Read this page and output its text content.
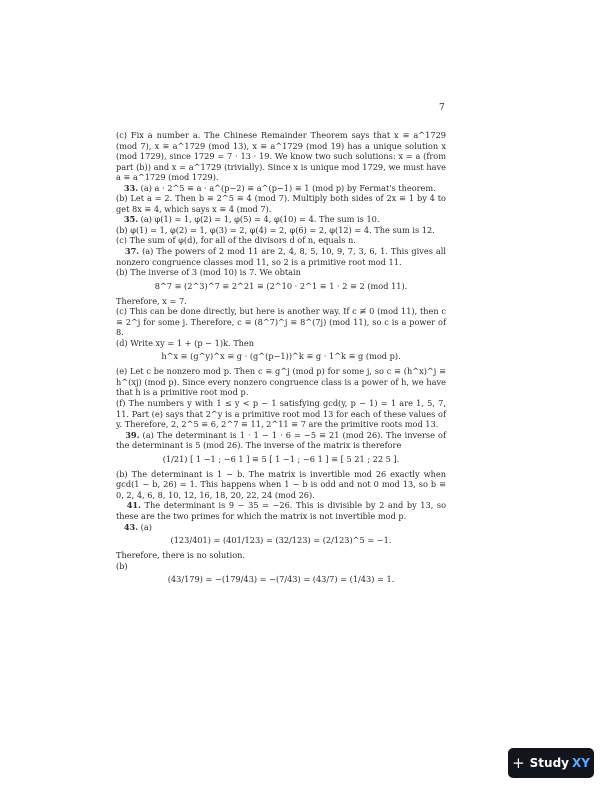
7

(c) Fix a number a. The Chinese Remainder Theorem says that x ≡ a^1729 (mod 7), x ≡ a^1729 (mod 13), x ≡ a^1729 (mod 19) has a unique solution x (mod 1729), since 1729 = 7 · 13 · 19. We know two such solutions: x = a (from part (b)) and x = a^1729 (trivially). Since x is unique mod 1729, we must have a ≡ a^1729 (mod 1729).

33. (a) a · 2^5 ≡ a · a^(p−2) ≡ a^(p−1) ≡ 1 (mod p) by Fermat's theorem.

(b) Let a = 2. Then b ≡ 2^5 ≡ 4 (mod 7). Multiply both sides of 2x ≡ 1 by 4 to get 8x ≡ 4, which says x ≡ 4 (mod 7).

35. (a) φ(1) = 1, φ(2) = 1, φ(5) = 4, φ(10) = 4. The sum is 10.

(b) φ(1) = 1, φ(2) = 1, φ(3) = 2, φ(4) = 2, φ(6) = 2, φ(12) = 4. The sum is 12.

(c) The sum of φ(d), for all of the divisors d of n, equals n.

37. (a) The powers of 2 mod 11 are 2, 4, 8, 5, 10, 9, 7, 3, 6, 1. This gives all nonzero congruence classes mod 11, so 2 is a primitive root mod 11.

(b) The inverse of 3 (mod 10) is 7. We obtain

8^7 ≡ (2^3)^7 ≡ 2^21 ≡ (2^10 · 2^1 ≡ 1 · 2 ≡ 2 (mod 11).

Therefore, x = 7.

(c) This can be done directly, but here is another way. If c ≢ 0 (mod 11), then c ≡ 2^j for some j. Therefore, c ≡ (8^7)^j ≡ 8^(7j) (mod 11), so c is a power of 8.

(d) Write xy = 1 + (p − 1)k. Then

h^x ≡ (g^y)^x ≡ g · (g^(p−1))^k ≡ g · 1^k ≡ g (mod p).

(e) Let c be nonzero mod p. Then c ≡ g^j (mod p) for some j, so c ≡ (h^x)^j ≡ h^(xj) (mod p). Since every nonzero congruence class is a power of h, we have that h is a primitive root mod p.

(f) The numbers y with 1 ≤ y < p − 1 satisfying gcd(y, p − 1) = 1 are 1, 5, 7, 11. Part (e) says that 2^y is a primitive root mod 13 for each of these values of y. Therefore, 2, 2^5 ≡ 6, 2^7 ≡ 11, 2^11 ≡ 7 are the primitive roots mod 13.

39. (a) The determinant is 1 · 1 − 1 · 6 = −5 ≡ 21 (mod 26). The inverse of the determinant is 5 (mod 26). The inverse of the matrix is therefore

(1/21) [ 1 −1 ; −6 1 ] ≡ 5 [ 1 −1 ; −6 1 ] ≡ [ 5 21 ; 22 5 ].

(b) The determinant is 1 − b. The matrix is invertible mod 26 exactly when gcd(1 − b, 26) = 1. This happens when 1 − b is odd and not 0 mod 13, so b ≡ 0, 2, 4, 6, 8, 10, 12, 16, 18, 20, 22, 24 (mod 26).

41. The determinant is 9 − 35 = −26. This is divisible by 2 and by 13, so these are the two primes for which the matrix is not invertible mod p.

43. (a)

(123/401) = (401/123) = (32/123) = (2/123)^5 = −1.

Therefore, there is no solution.

(b)

(43/179) = −(179/43) = −(7/43) = (43/7) = (1/43) = 1.
+ Study XY
